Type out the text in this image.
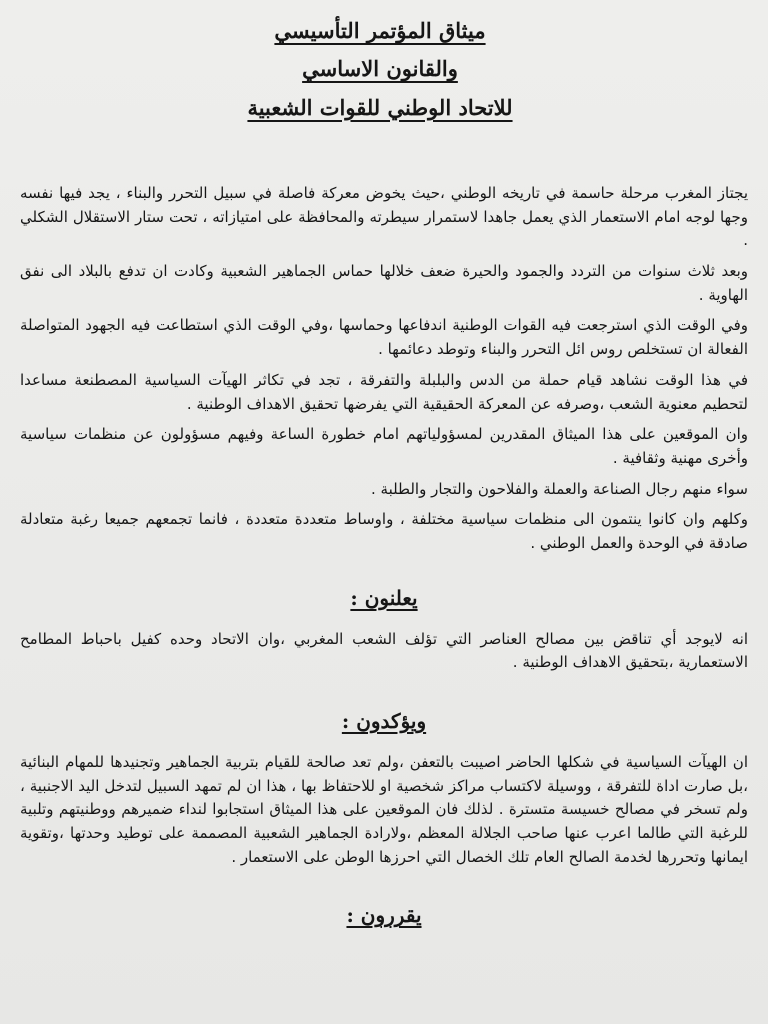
ميثاق المؤتمر التأسيسي
والقانون الاساسي
للاتحاد الوطني للقوات الشعبية

يجتاز المغرب مرحلة حاسمة في تاريخه الوطني ،حيث يخوض معركة فاصلة في سبيل التحرر والبناء ، يجد فيها نفسه وجها لوجه امام الاستعمار الذي يعمل جاهدا لاستمرار سيطرته والمحافظة على امتيازاته ، تحت ستار الاستقلال الشكلي .

وبعد ثلاث سنوات من التردد والجمود والحيرة ضعف خلالها حماس الجماهير الشعبية وكادت ان تدفع بالبلاد الى نفق الهاوية .

وفي الوقت الذي استرجعت فيه القوات الوطنية اندفاعها وحماسها ،وفي الوقت الذي استطاعت فيه الجهود المتواصلة الفعالة ان تستخلص روس ائل التحرر والبناء وتوطد دعائمها .

في هذا الوقت نشاهد قيام حملة من الدس والبلبلة والتفرقة ، تجد في تكاثر الهيآت السياسية المصطنعة مساعدا لتحطيم معنوية الشعب ،وصرفه عن المعركة الحقيقية التي يفرضها تحقيق الاهداف الوطنية .

وان الموقعين على هذا الميثاق المقدرين لمسؤولياتهم امام خطورة الساعة وفيهم مسؤولون عن منظمات سياسية وأخرى مهنية وثقافية .

سواء منهم رجال الصناعة والعملة والفلاحون والتجار والطلبة .

وكلهم وان كانوا ينتمون الى منظمات سياسية مختلفة ، واوساط متعددة متعددة ، فانما تجمعهم جميعا رغبة متعادلة صادقة في الوحدة والعمل الوطني .

يعلنون :

انه لايوجد أي تناقض بين مصالح العناصر التي تؤلف الشعب المغربي ،وان الاتحاد وحده كفيل باحباط المطامح الاستعمارية ،بتحقيق الاهداف الوطنية .

ويؤكدون :

ان الهيآت السياسية في شكلها الحاضر اصيبت بالتعفن ،ولم تعد صالحة للقيام بتربية الجماهير وتجنيدها للمهام البنائية ،بل صارت اداة للتفرقة ، ووسيلة لاكتساب مراكز شخصية او للاحتفاظ بها ، هذا ان لم تمهد السبيل لتدخل اليد الاجنبية ، ولم تسخر في مصالح خسيسة متسترة . لذلك فان الموقعين على هذا الميثاق استجابوا لنداء ضميرهم ووطنيتهم وتلبية للرغبة التي طالما اعرب عنها صاحب الجلالة المعظم ،ولارادة الجماهير الشعبية المصممة على توطيد وحدتها ،وتقوية ايمانها وتحررها لخدمة الصالح العام تلك الخصال التي احرزها الوطن على الاستعمار .

يقررون :
